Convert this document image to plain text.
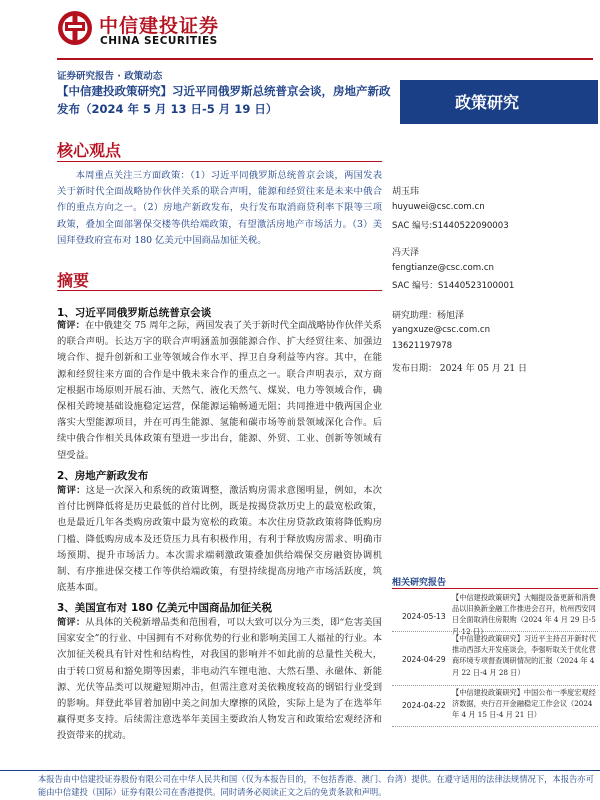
中信建投证券
CHINA SECURITIES
证券研究报告 · 政策动态
【中信建投政策研究】习近平同俄罗斯总统普京会谈，房地产新政发布（2024 年 5 月 13 日-5 月 19 日）	政策研究
核心观点
本周重点关注三方面政策：（1）习近平同俄罗斯总统普京会谈，两国发表关于新时代全面战略协作伙伴关系的联合声明，能源和经贸往来是未来中俄合作的重点方向之一。（2）房地产新政发布，央行发布取消商贷利率下限等三项政策，叠加全面部署保交楼等供给端政策，有望激活房地产市场活力。（3）美国拜登政府宣布对 180 亿美元中国商品加征关税。
摘要
1、习近平同俄罗斯总统普京会谈
简评：在中俄建交 75 周年之际，两国发表了关于新时代全面战略协作伙伴关系的联合声明。长达万字的联合声明涵盖加强能源合作、扩大经贸往来、加强边境合作、提升创新和工业等领域合作水平、捍卫自身利益等内容。其中，在能源和经贸往来方面的合作是中俄未来合作的重点之一。联合声明表示，双方商定根据市场原则开展石油、天然气、液化天然气、煤炭、电力等领域合作，确保相关跨境基础设施稳定运营，保能源运输畅通无阻；共同推进中俄两国企业落实大型能源项目，并在可再生能源、氢能和碳市场等前景领域深化合作。后续中俄合作相关具体政策有望进一步出台，能源、外贸、工业、创新等领域有望受益。
2、房地产新政发布
简评：这是一次深入和系统的政策调整，激活购房需求意图明显，例如，本次首付比例降低将是历史最低的首付比例，既是按揭贷款历史上的最宽松政策，也是最近几年各类购房政策中最为宽松的政策。本次住房贷款政策将降低购房门槛、降低购房成本及还贷压力具有积极作用，有利于释放购房需求、明确市场预期、提升市场活力。本次需求端刺激政策叠加供给端保交房融资协调机制、有序推进保交楼工作等供给端政策，有望持续提高房地产市场活跃度，筑底基本面。
3、美国宣布对 180 亿美元中国商品加征关税
简评：从具体的关税新增品类和范围看，可以大致可以分为三类，即“危害美国国家安全”的行业、中国拥有不对称优势的行业和影响美国工人福祉的行业。本次加征关税具有针对性和结构性，对我国的影响并不如此前的总量性关税大，由于转口贸易和豁免期等因素，非电动汽车锂电池、大然石墨、永磁体、新能源、光伏等品类可以规避短期冲击，但需注意对美依赖度较高的钢铝行业受到的影响。拜登此举冒着加剧中美之间加大摩擦的风险，实际上是为了在选举年赢得更多支持。后续需注意选举年美国主要政治人物发言和政策给宏观经济和投资带来的扰动。
胡玉玮
huyuwei@csc.com.cn
SAC 编号:S1440522090003
冯天泽
fengtianze@csc.com.cn
SAC 编号：S1440523100001
研究助理：杨旭泽
yangxuze@csc.com.cn
13621197978
发布日期： 2024 年 05 月 21 日
相关研究报告
2024-05-13
【中信建投政策研究】大幅提设备更新和消费品以旧换新金融工作推进会召开，杭州西安同日全面取消住房限购（2024 年 4 月 29 日-5 月 12 日）
2024-04-29
【中信建投政策研究】习近平主持召开新时代推动西部大开发座谈会，李强听取关于优化营商环境专项督查调研情况的汇报（2024 年 4 月 22 日-4 月 28 日）
2024-04-22
【中信建投政策研究】中国公布一季度宏观经济数据，央行召开金融稳定工作会议（2024 年 4 月 15 日-4 月 21 日）
本报告由中信建投证券股份有限公司在中华人民共和国（仅为本报告目的，不包括香港、澳门、台湾）提供。在遵守适用的法律法规情况下，本报告亦可能由中信建投（国际）证券有限公司在香港提供。同时请务必阅读正文之后的免责条款和声明。
